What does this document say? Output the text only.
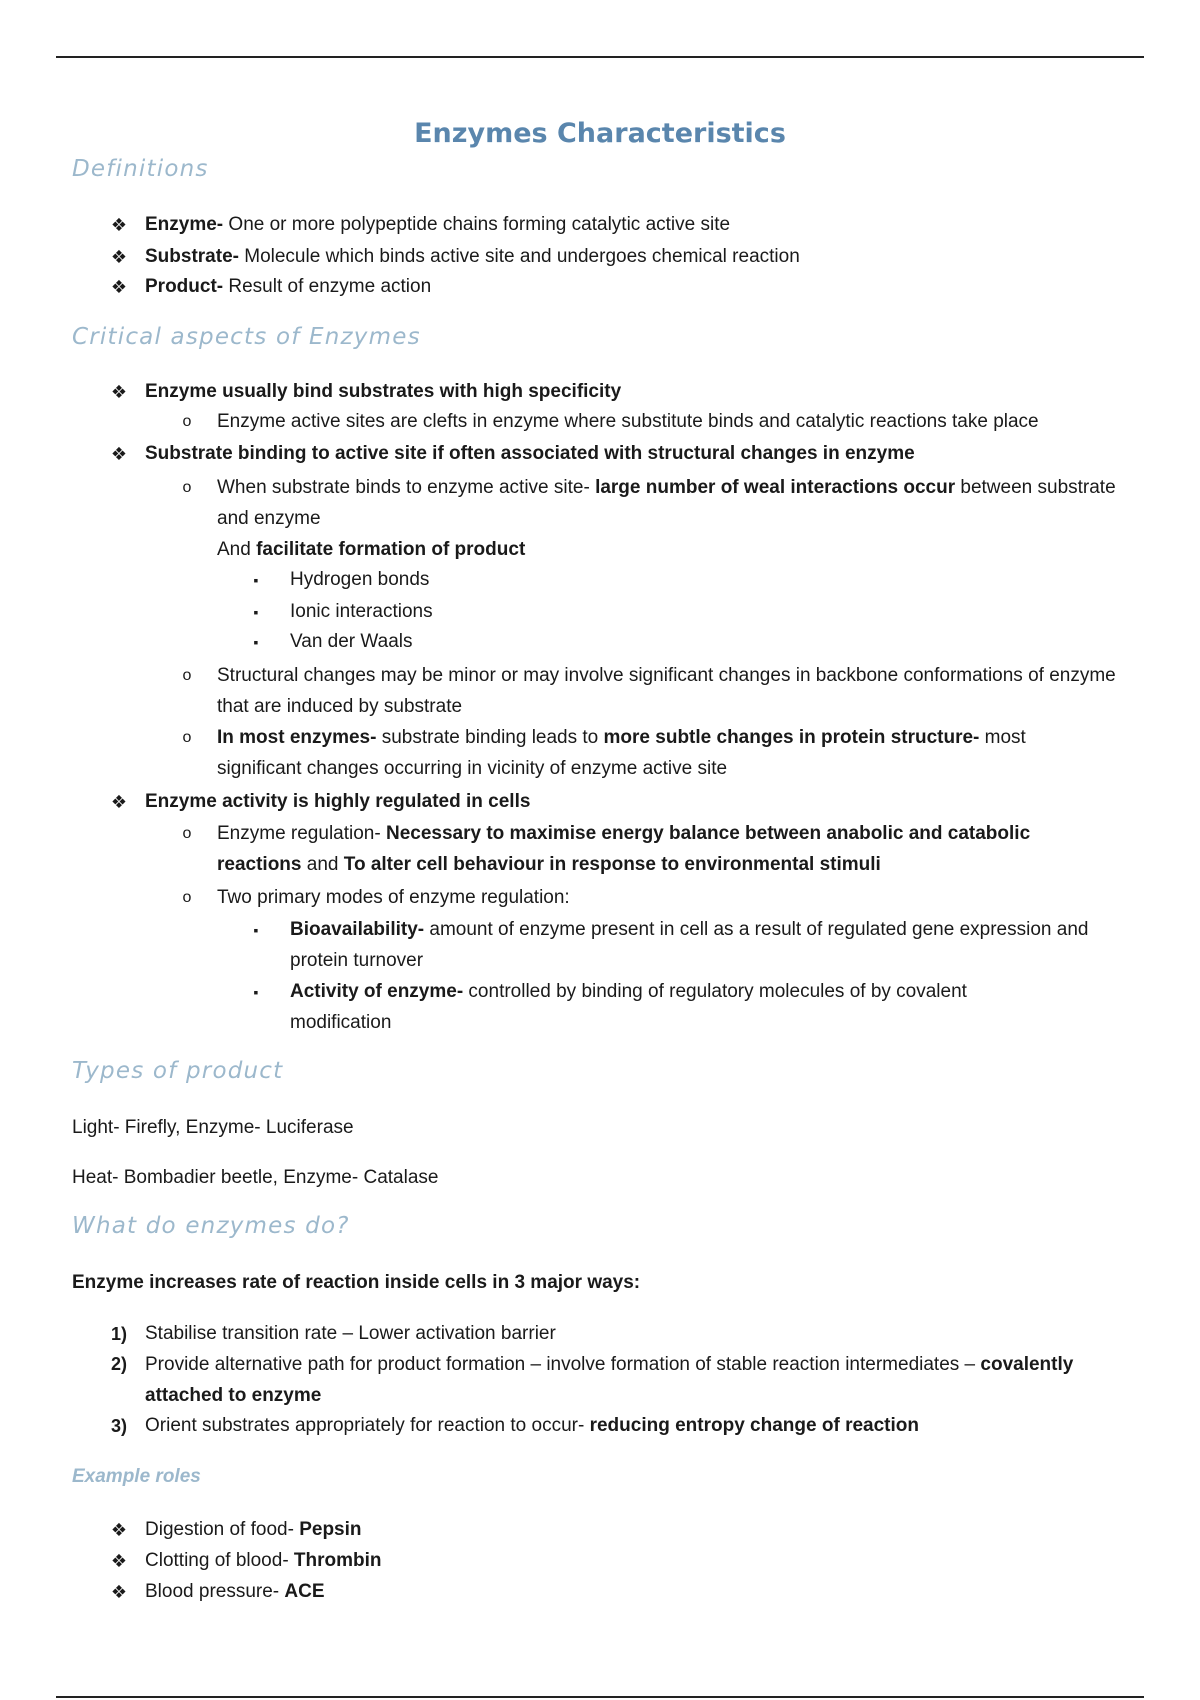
Enzymes Characteristics
Definitions
❖ Enzyme- One or more polypeptide chains forming catalytic active site

❖ Substrate- Molecule which binds active site and undergoes chemical reaction

❖ Product- Result of enzyme action

Critical aspects of Enzymes
❖ Enzyme usually bind substrates with high specificity

o Enzyme active sites are clefts in enzyme where substitute binds and catalytic reactions take place

❖ Substrate binding to active site if often associated with structural changes in enzyme

o When substrate binds to enzyme active site- large number of weal interactions occur between substrate and enzyme
And facilitate formation of product

▪ Hydrogen bonds

▪ Ionic interactions

▪ Van der Waals

o Structural changes may be minor or may involve significant changes in backbone conformations of enzyme that are induced by substrate

o In most enzymes- substrate binding leads to more subtle changes in protein structure- most significant changes occurring in vicinity of enzyme active site

❖ Enzyme activity is highly regulated in cells

o Enzyme regulation- Necessary to maximise energy balance between anabolic and catabolic reactions and To alter cell behaviour in response to environmental stimuli

o Two primary modes of enzyme regulation:

▪ Bioavailability- amount of enzyme present in cell as a result of regulated gene expression and protein turnover

▪ Activity of enzyme- controlled by binding of regulatory molecules of by covalent modification

Types of product

Light- Firefly, Enzyme- Luciferase

Heat- Bombadier beetle, Enzyme- Catalase

What do enzymes do?

Enzyme increases rate of reaction inside cells in 3 major ways:

1) Stabilise transition rate – Lower activation barrier

2) Provide alternative path for product formation – involve formation of stable reaction intermediates – covalently attached to enzyme

3) Orient substrates appropriately for reaction to occur- reducing entropy change of reaction

Example roles
❖ Digestion of food- Pepsin

❖ Clotting of blood- Thrombin

❖ Blood pressure- ACE
